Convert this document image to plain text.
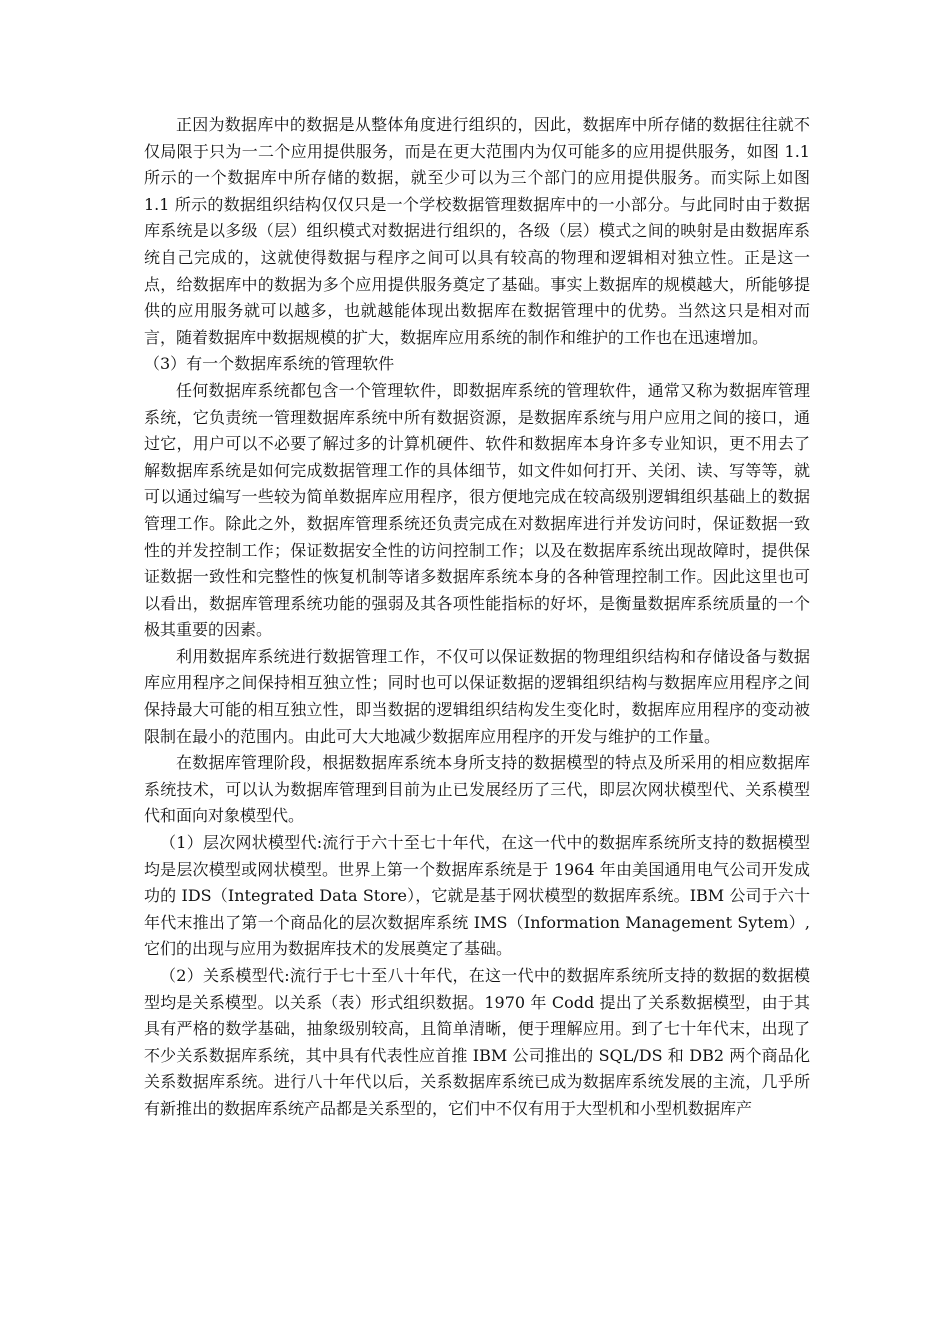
正因为数据库中的数据是从整体角度进行组织的，因此，数据库中所存储的数据往往就不仅局限于只为一二个应用提供服务，而是在更大范围内为仅可能多的应用提供服务，如图 1.1 所示的一个数据库中所存储的数据，就至少可以为三个部门的应用提供服务。而实际上如图 1.1 所示的数据组织结构仅仅只是一个学校数据管理数据库中的一小部分。与此同时由于数据库系统是以多级（层）组织模式对数据进行组织的，各级（层）模式之间的映射是由数据库系统自己完成的，这就使得数据与程序之间可以具有较高的物理和逻辑相对独立性。正是这一点，给数据库中的数据为多个应用提供服务奠定了基础。事实上数据库的规模越大，所能够提供的应用服务就可以越多，也就越能体现出数据库在数据管理中的优势。当然这只是相对而言，随着数据库中数据规模的扩大，数据库应用系统的制作和维护的工作也在迅速增加。

（3）有一个数据库系统的管理软件

任何数据库系统都包含一个管理软件，即数据库系统的管理软件，通常又称为数据库管理系统，它负责统一管理数据库系统中所有数据资源，是数据库系统与用户应用之间的接口，通过它，用户可以不必要了解过多的计算机硬件、软件和数据库本身许多专业知识，更不用去了解数据库系统是如何完成数据管理工作的具体细节，如文件如何打开、关闭、读、写等等，就可以通过编写一些较为简单数据库应用程序，很方便地完成在较高级别逻辑组织基础上的数据管理工作。除此之外，数据库管理系统还负责完成在对数据库进行并发访问时，保证数据一致性的并发控制工作；保证数据安全性的访问控制工作；以及在数据库系统出现故障时，提供保证数据一致性和完整性的恢复机制等诸多数据库系统本身的各种管理控制工作。因此这里也可以看出，数据库管理系统功能的强弱及其各项性能指标的好坏，是衡量数据库系统质量的一个极其重要的因素。

利用数据库系统进行数据管理工作，不仅可以保证数据的物理组织结构和存储设备与数据库应用程序之间保持相互独立性；同时也可以保证数据的逻辑组织结构与数据库应用程序之间保持最大可能的相互独立性，即当数据的逻辑组织结构发生变化时，数据库应用程序的变动被限制在最小的范围内。由此可大大地减少数据库应用程序的开发与维护的工作量。

在数据库管理阶段，根据数据库系统本身所支持的数据模型的特点及所采用的相应数据库系统技术，可以认为数据库管理到目前为止已发展经历了三代，即层次网状模型代、关系模型代和面向对象模型代。

（1）层次网状模型代:流行于六十至七十年代，在这一代中的数据库系统所支持的数据模型均是层次模型或网状模型。世界上第一个数据库系统是于 1964 年由美国通用电气公司开发成功的 IDS（Integrated Data Store），它就是基于网状模型的数据库系统。IBM 公司于六十年代末推出了第一个商品化的层次数据库系统 IMS（Information Management Sytem）,它们的出现与应用为数据库技术的发展奠定了基础。

（2）关系模型代:流行于七十至八十年代，在这一代中的数据库系统所支持的数据的数据模型均是关系模型。以关系（表）形式组织数据。1970 年 Codd 提出了关系数据模型，由于其具有严格的数学基础，抽象级别较高，且简单清晰，便于理解应用。到了七十年代末，出现了不少关系数据库系统，其中具有代表性应首推 IBM 公司推出的 SQL/DS 和 DB2 两个商品化关系数据库系统。进行八十年代以后，关系数据库系统已成为数据库系统发展的主流，几乎所有新推出的数据库系统产品都是关系型的，它们中不仅有用于大型机和小型机数据库产
